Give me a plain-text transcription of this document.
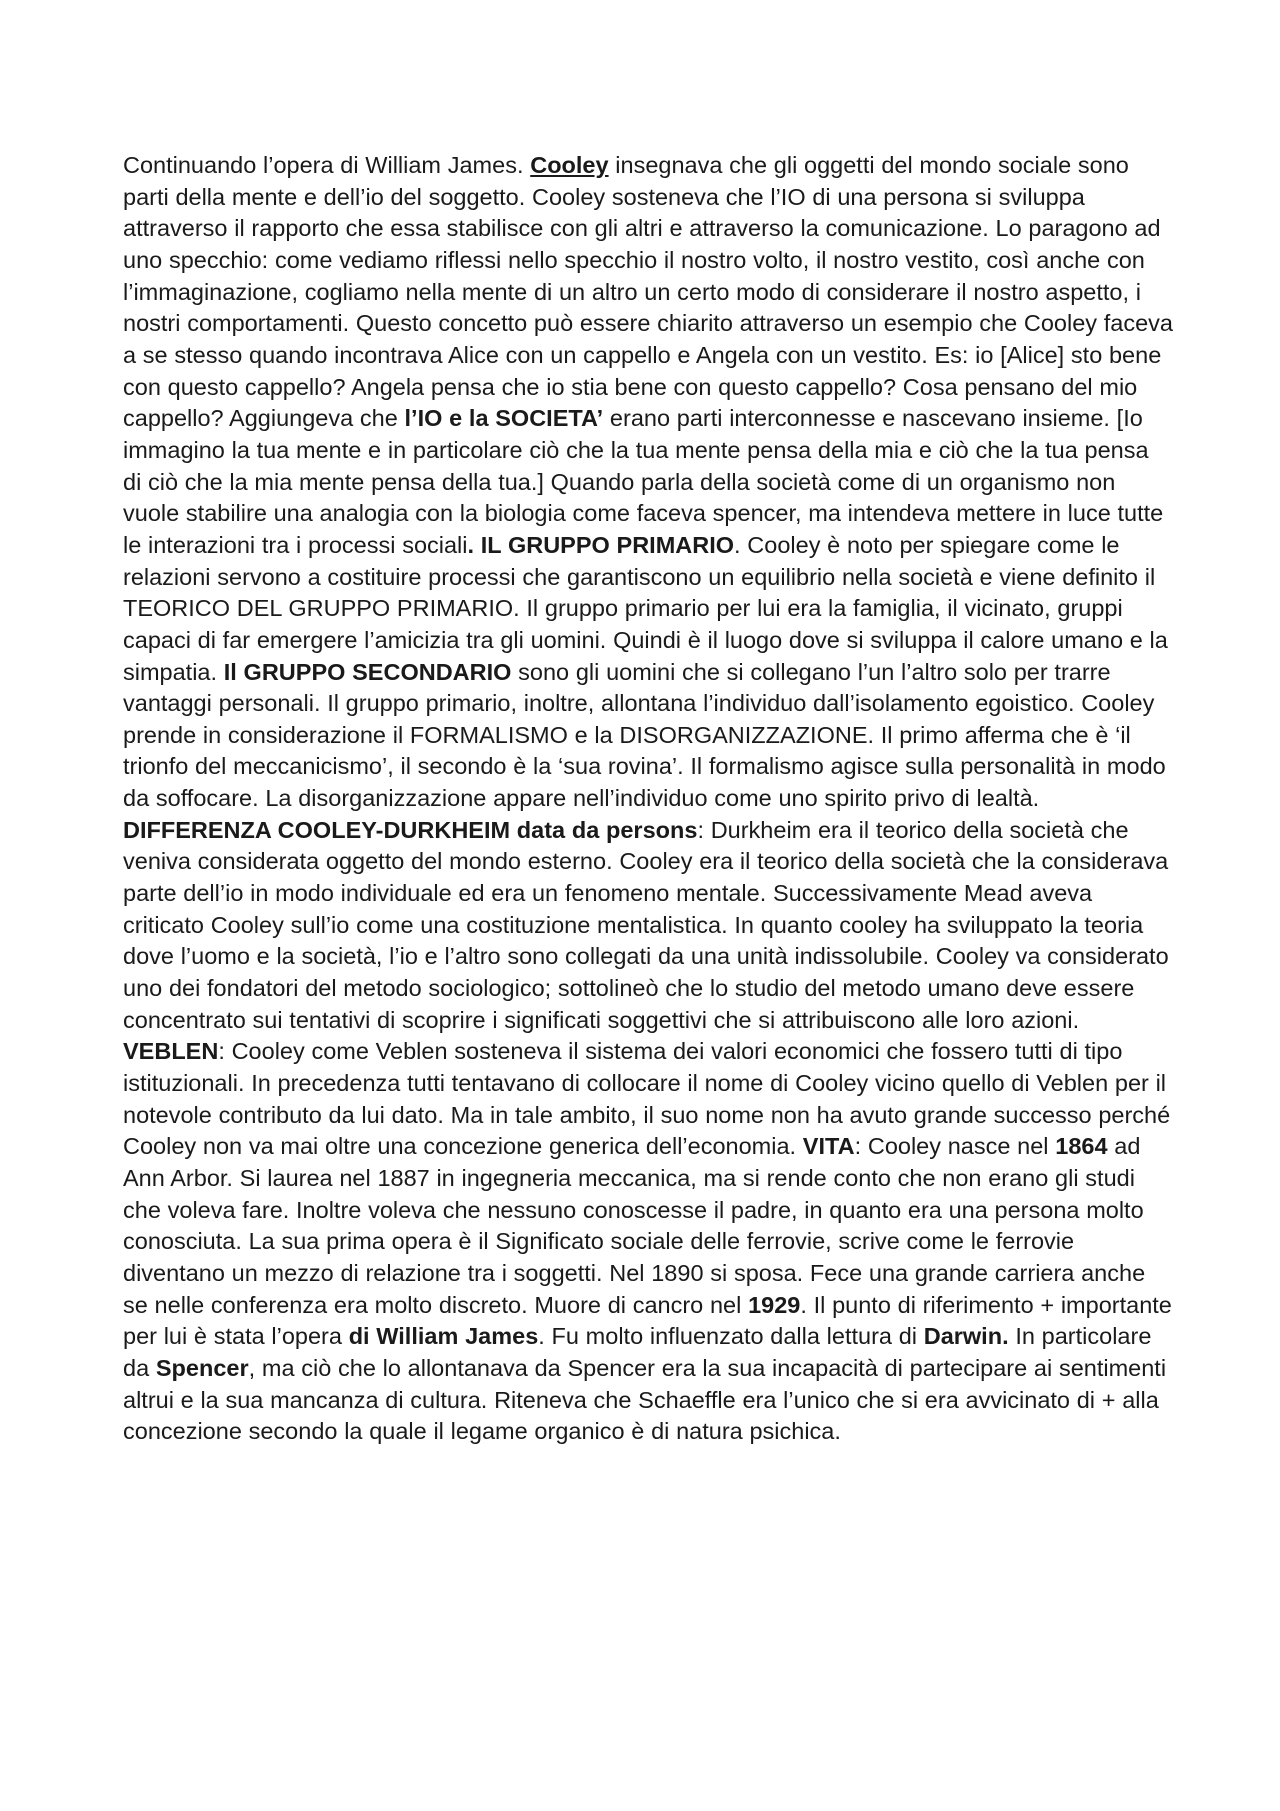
Continuando l’opera di William James. Cooley insegnava che gli oggetti del mondo sociale sono parti della mente e dell’io del soggetto. Cooley sosteneva che l’IO di una persona si sviluppa attraverso il rapporto che essa stabilisce con gli altri e attraverso la comunicazione. Lo paragono ad uno specchio: come vediamo riflessi nello specchio il nostro volto, il nostro vestito, così anche con l’immaginazione, cogliamo nella mente di un altro un certo modo di considerare il nostro aspetto, i nostri comportamenti. Questo concetto può essere chiarito attraverso un esempio che Cooley faceva a se stesso quando incontrava Alice con un cappello e Angela con un vestito. Es: io [Alice] sto bene con questo cappello? Angela pensa che io stia bene con questo cappello? Cosa pensano del mio cappello? Aggiungeva che l’IO e la SOCIETA’ erano parti interconnesse e nascevano insieme. [Io immagino la tua mente e in particolare ciò che la tua mente pensa della mia e ciò che la tua pensa di ciò che la mia mente pensa della tua.] Quando parla della società come di un organismo non vuole stabilire una analogia con la biologia come faceva spencer, ma intendeva mettere in luce tutte le interazioni tra i processi sociali. IL GRUPPO PRIMARIO. Cooley è noto per spiegare come le relazioni servono a costituire processi che garantiscono un equilibrio nella società e viene definito il TEORICO DEL GRUPPO PRIMARIO. Il gruppo primario per lui era la famiglia, il vicinato, gruppi capaci di far emergere l’amicizia tra gli uomini. Quindi è il luogo dove si sviluppa il calore umano e la simpatia. Il GRUPPO SECONDARIO sono gli uomini che si collegano l’un l’altro solo per trarre vantaggi personali. Il gruppo primario, inoltre, allontana l’individuo dall’isolamento egoistico. Cooley prende in considerazione il FORMALISMO e la DISORGANIZZAZIONE. Il primo afferma che è ‘il trionfo del meccanicismo’, il secondo è la ‘sua rovina’. Il formalismo agisce sulla personalità in modo da soffocare. La disorganizzazione appare nell’individuo come uno spirito privo di lealtà. DIFFERENZA COOLEY-DURKHEIM data da persons: Durkheim era il teorico della società che veniva considerata oggetto del mondo esterno. Cooley era il teorico della società che la considerava parte dell’io in modo individuale ed era un fenomeno mentale. Successivamente Mead aveva criticato Cooley sull’io come una costituzione mentalistica. In quanto cooley ha sviluppato la teoria dove l’uomo e la società, l’io e l’altro sono collegati da una unità indissolubile. Cooley va considerato uno dei fondatori del metodo sociologico; sottolineò che lo studio del metodo umano deve essere concentrato sui tentativi di scoprire i significati soggettivi che si attribuiscono alle loro azioni. VEBLEN: Cooley come Veblen sosteneva il sistema dei valori economici che fossero tutti di tipo istituzionali. In precedenza tutti tentavano di collocare il nome di Cooley vicino quello di Veblen per il notevole contributo da lui dato. Ma in tale ambito, il suo nome non ha avuto grande successo perché Cooley non va mai oltre una concezione generica dell’economia. VITA: Cooley nasce nel 1864 ad Ann Arbor. Si laurea nel 1887 in ingegneria meccanica, ma si rende conto che non erano gli studi che voleva fare. Inoltre voleva che nessuno conoscesse il padre, in quanto era una persona molto conosciuta. La sua prima opera è il Significato sociale delle ferrovie, scrive come le ferrovie diventano un mezzo di relazione tra i soggetti. Nel 1890 si sposa. Fece una grande carriera anche se nelle conferenza era molto discreto. Muore di cancro nel 1929. Il punto di riferimento + importante per lui è stata l’opera di William James. Fu molto influenzato dalla lettura di Darwin. In particolare da Spencer, ma ciò che lo allontanava da Spencer era la sua incapacità di partecipare ai sentimenti altrui e la sua mancanza di cultura. Riteneva che Schaeffle era l’unico che si era avvicinato di + alla concezione secondo la quale il legame organico è di natura psichica.
